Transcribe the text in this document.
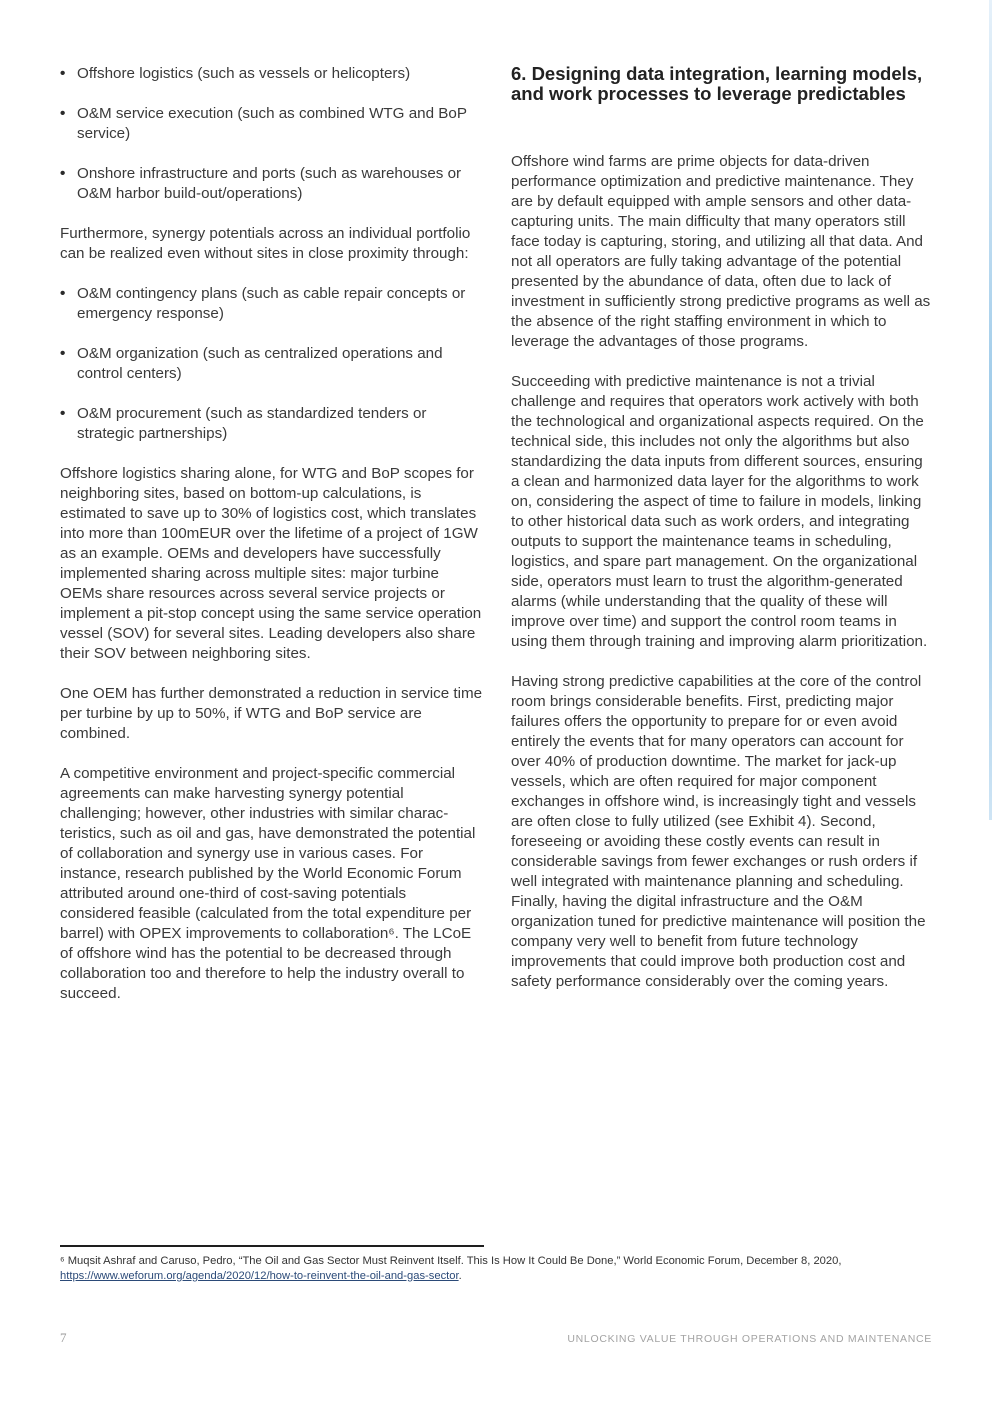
• Offshore logistics (such as vessels or helicopters)
• O&M service execution (such as combined WTG and BoP service)
• Onshore infrastructure and ports (such as warehouses or O&M harbor build-out/operations)

Furthermore, synergy potentials across an individual portfolio can be realized even without sites in close proximity through:

• O&M contingency plans (such as cable repair concepts or emergency response)
• O&M organization (such as centralized operations and control centers)
• O&M procurement (such as standardized tenders or strategic partnerships)

Offshore logistics sharing alone, for WTG and BoP scopes for neighboring sites, based on bottom-up calculations, is estimated to save up to 30% of logistics cost, which translates into more than 100mEUR over the lifetime of a project of 1GW as an example. OEMs and developers have successfully implemented sharing across multiple sites: major turbine OEMs share resources across several service projects or implement a pit-stop concept using the same service operation vessel (SOV) for several sites. Leading developers also share their SOV between neighboring sites.

One OEM has further demonstrated a reduction in service time per turbine by up to 50%, if WTG and BoP service are combined.

A competitive environment and project-specific commercial agreements can make harvesting synergy potential challenging; however, other industries with similar characteristics, such as oil and gas, have demonstrated the potential of collaboration and synergy use in various cases. For instance, research published by the World Economic Forum attributed around one-third of cost-saving potentials considered feasible (calculated from the total expenditure per barrel) with OPEX improvements to collaboration⁶. The LCoE of offshore wind has the potential to be decreased through collaboration too and therefore to help the industry overall to succeed.

6. Designing data integration, learning models, and work processes to leverage predictables

Offshore wind farms are prime objects for data-driven performance optimization and predictive maintenance. They are by default equipped with ample sensors and other data-capturing units. The main difficulty that many operators still face today is capturing, storing, and utilizing all that data. And not all operators are fully taking advantage of the potential presented by the abundance of data, often due to lack of investment in sufficiently strong predictive programs as well as the absence of the right staffing environment in which to leverage the advantages of those programs.

Succeeding with predictive maintenance is not a trivial challenge and requires that operators work actively with both the technological and organizational aspects required. On the technical side, this includes not only the algorithms but also standardizing the data inputs from different sources, ensuring a clean and harmonized data layer for the algorithms to work on, considering the aspect of time to failure in models, linking to other historical data such as work orders, and integrating outputs to support the maintenance teams in scheduling, logistics, and spare part management. On the organizational side, operators must learn to trust the algorithm-generated alarms (while understanding that the quality of these will improve over time) and support the control room teams in using them through training and improving alarm prioritization.

Having strong predictive capabilities at the core of the control room brings considerable benefits. First, predicting major failures offers the opportunity to prepare for or even avoid entirely the events that for many operators can account for over 40% of production downtime. The market for jack-up vessels, which are often required for major component exchanges in offshore wind, is increasingly tight and vessels are often close to fully utilized (see Exhibit 4). Second, foreseeing or avoiding these costly events can result in considerable savings from fewer exchanges or rush orders if well integrated with maintenance planning and scheduling. Finally, having the digital infrastructure and the O&M organization tuned for predictive maintenance will position the company very well to benefit from future technology improvements that could improve both production cost and safety performance considerably over the coming years.

⁶ Muqsit Ashraf and Caruso, Pedro, “The Oil and Gas Sector Must Reinvent Itself. This Is How It Could Be Done,” World Economic Forum, December 8, 2020, https://www.weforum.org/agenda/2020/12/how-to-reinvent-the-oil-and-gas-sector.
7	UNLOCKING VALUE THROUGH OPERATIONS AND MAINTENANCE
